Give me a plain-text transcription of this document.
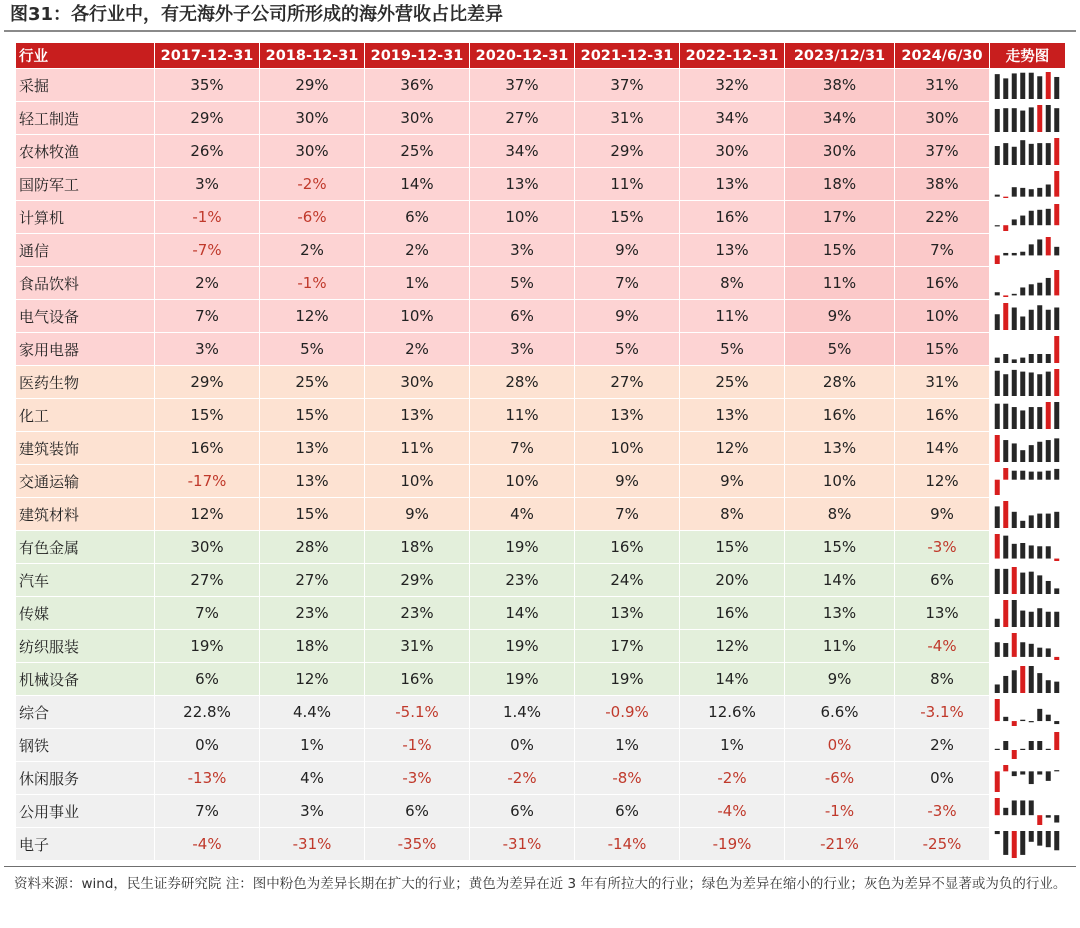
图31：各行业中，有无海外子公司所形成的海外营收占比差异
行业	2017-12-31	2018-12-31	2019-12-31	2020-12-31	2021-12-31	2022-12-31	2023/12/31	2024/6/30	走势图
采掘	35%	29%	36%	37%	37%	32%	38%	31%	

轻工制造	29%	30%	30%	27%	31%	34%	34%	30%	

农林牧渔	26%	30%	25%	34%	29%	30%	30%	37%	

国防军工	3%	-2%	14%	13%	11%	13%	18%	38%	

计算机	-1%	-6%	6%	10%	15%	16%	17%	22%	

通信	-7%	2%	2%	3%	9%	13%	15%	7%	

食品饮料	2%	-1%	1%	5%	7%	8%	11%	16%	

电气设备	7%	12%	10%	6%	9%	11%	9%	10%	

家用电器	3%	5%	2%	3%	5%	5%	5%	15%	

医药生物	29%	25%	30%	28%	27%	25%	28%	31%	

化工	15%	15%	13%	11%	13%	13%	16%	16%	

建筑装饰	16%	13%	11%	7%	10%	12%	13%	14%	

交通运输	-17%	13%	10%	10%	9%	9%	10%	12%	

建筑材料	12%	15%	9%	4%	7%	8%	8%	9%	

有色金属	30%	28%	18%	19%	16%	15%	15%	-3%	

汽车	27%	27%	29%	23%	24%	20%	14%	6%	

传媒	7%	23%	23%	14%	13%	16%	13%	13%	

纺织服装	19%	18%	31%	19%	17%	12%	11%	-4%	

机械设备	6%	12%	16%	19%	19%	14%	9%	8%	

综合	22.8%	4.4%	-5.1%	1.4%	-0.9%	12.6%	6.6%	-3.1%	

钢铁	0%	1%	-1%	0%	1%	1%	0%	2%	

休闲服务	-13%	4%	-3%	-2%	-8%	-2%	-6%	0%	

公用事业	7%	3%	6%	6%	6%	-4%	-1%	-3%	

电子	-4%	-31%	-35%	-31%	-14%	-19%	-21%	-25%	
资料来源：wind，民生证券研究院 注：图中粉色为差异长期在扩大的行业；黄色为差异在近 3 年有所拉大的行业；绿色为差异在缩小的行业；灰色为差异不显著或为负的行业。
